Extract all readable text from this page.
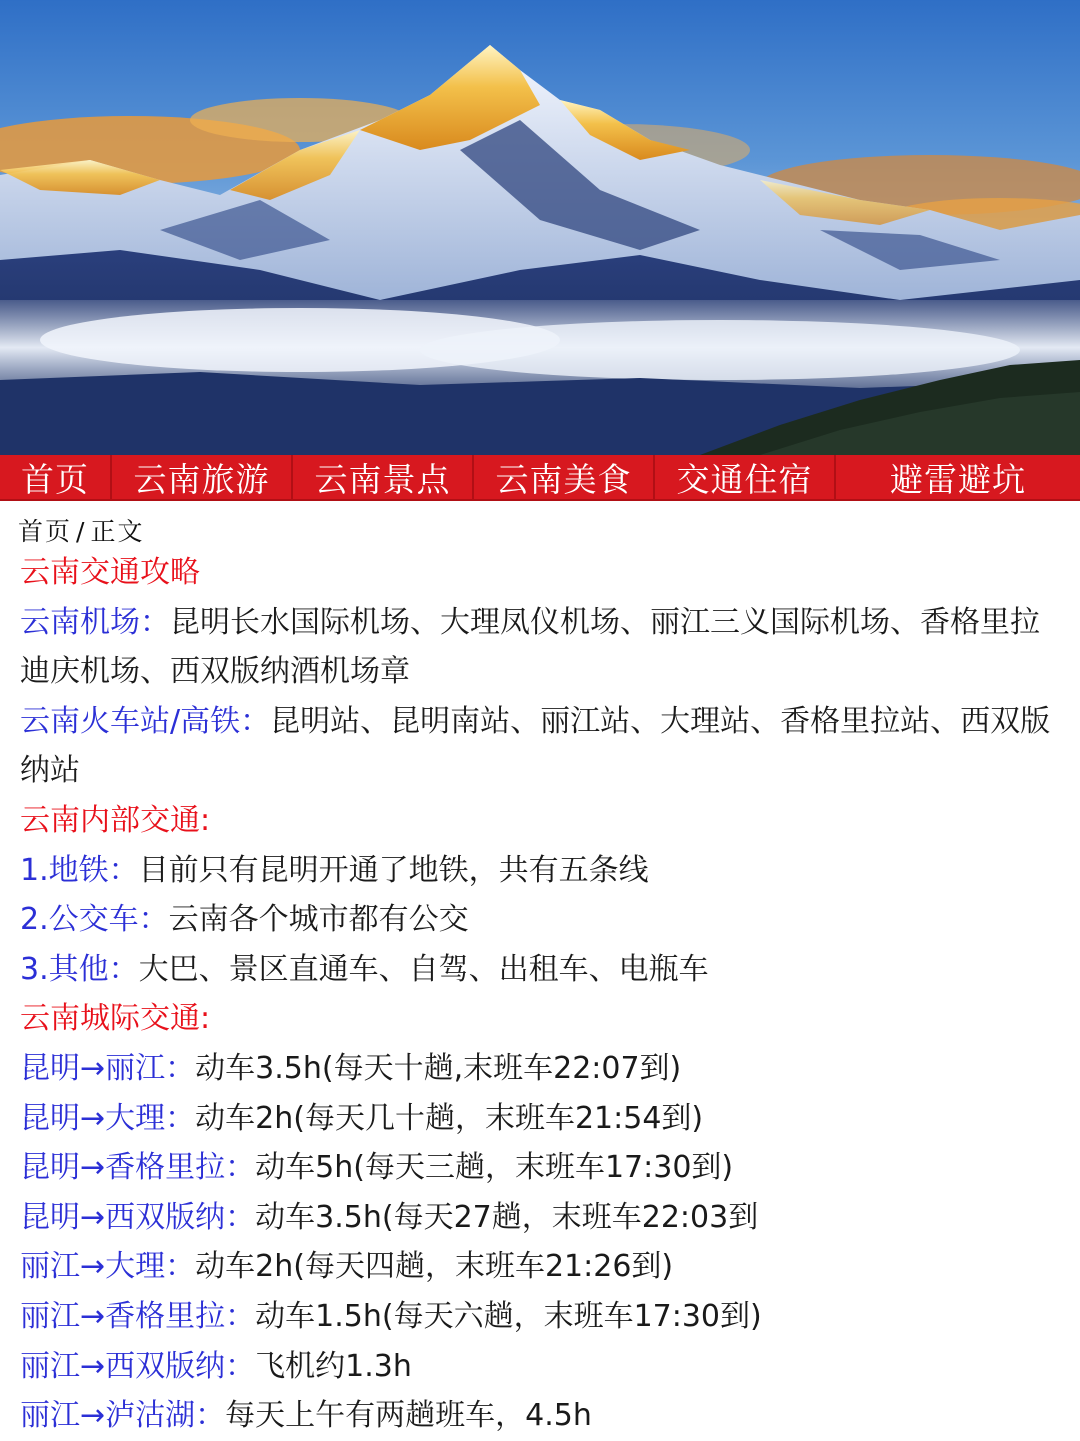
首页	云南旅游	云南景点	云南美食	交通住宿	避雷避坑
首页 / 正文

云南交通攻略

云南机场：昆明长水国际机场、大理凤仪机场、丽江三义国际机场、香格里拉迪庆机场、西双版纳酒机场章

云南火车站/高铁：昆明站、昆明南站、丽江站、大理站、香格里拉站、西双版纳站

云南内部交通:

1.地铁：目前只有昆明开通了地铁，共有五条线

2.公交车：云南各个城市都有公交

3.其他：大巴、景区直通车、自驾、出租车、电瓶车

云南城际交通:

昆明→丽江：动车3.5h(每天十趟,末班车22:07到)

昆明→大理：动车2h(每天几十趟，末班车21:54到)

昆明→香格里拉：动车5h(每天三趟，末班车17:30到)

昆明→西双版纳：动车3.5h(每天27趟，末班车22:03到

丽江→大理：动车2h(每天四趟，末班车21:26到)

丽江→香格里拉：动车1.5h(每天六趟，末班车17:30到)

丽江→西双版纳：飞机约1.3h

丽江→泸沽湖：每天上午有两趟班车，4.5h
